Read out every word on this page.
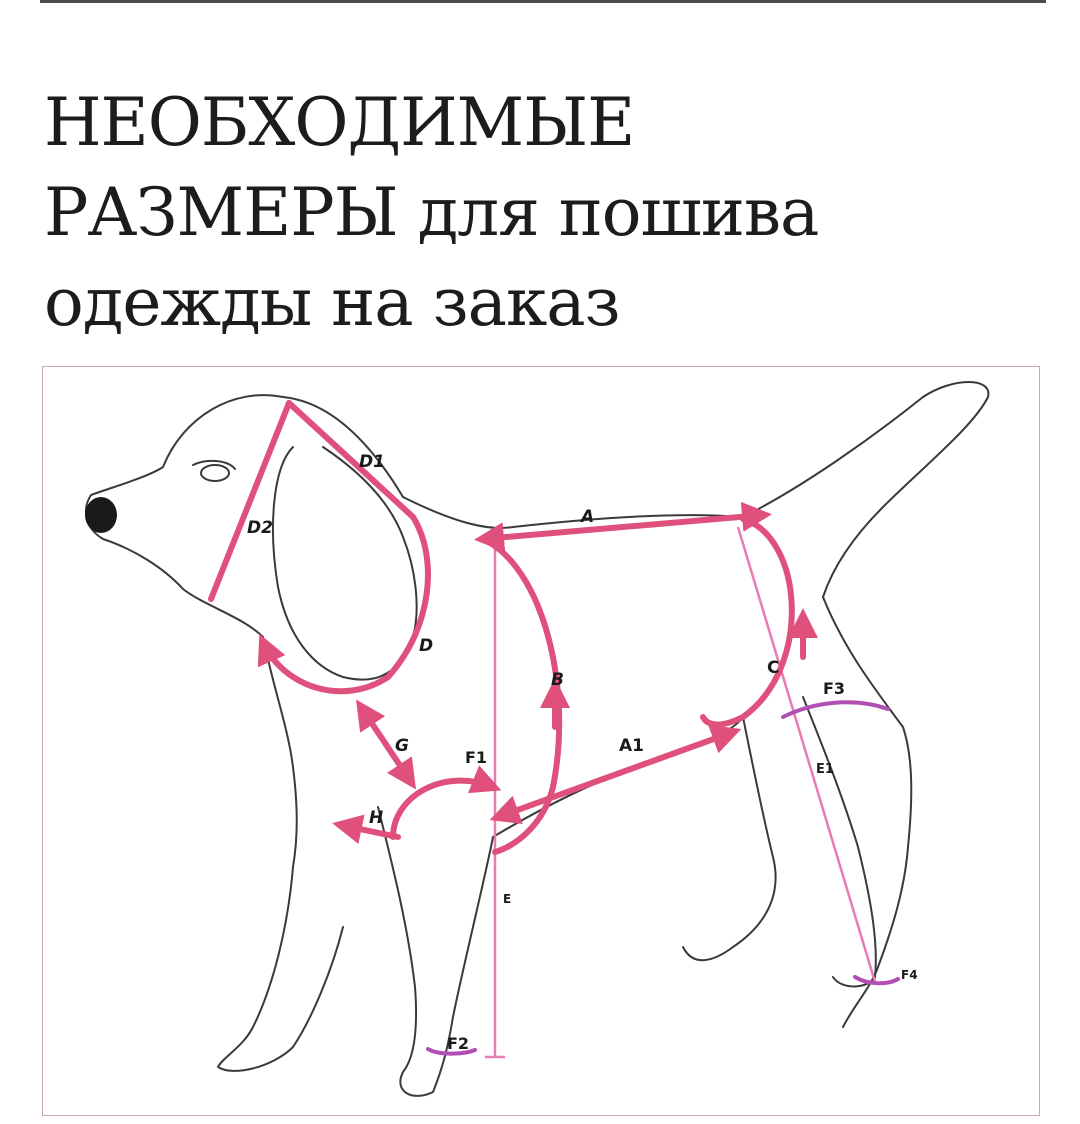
НЕОБХОДИМЫЕ
РАЗМЕРЫ для пошива
одежды на заказ
D1
D2
D
A
B
C
F3
E1
A1
G
F1
H
E
F4
F2
